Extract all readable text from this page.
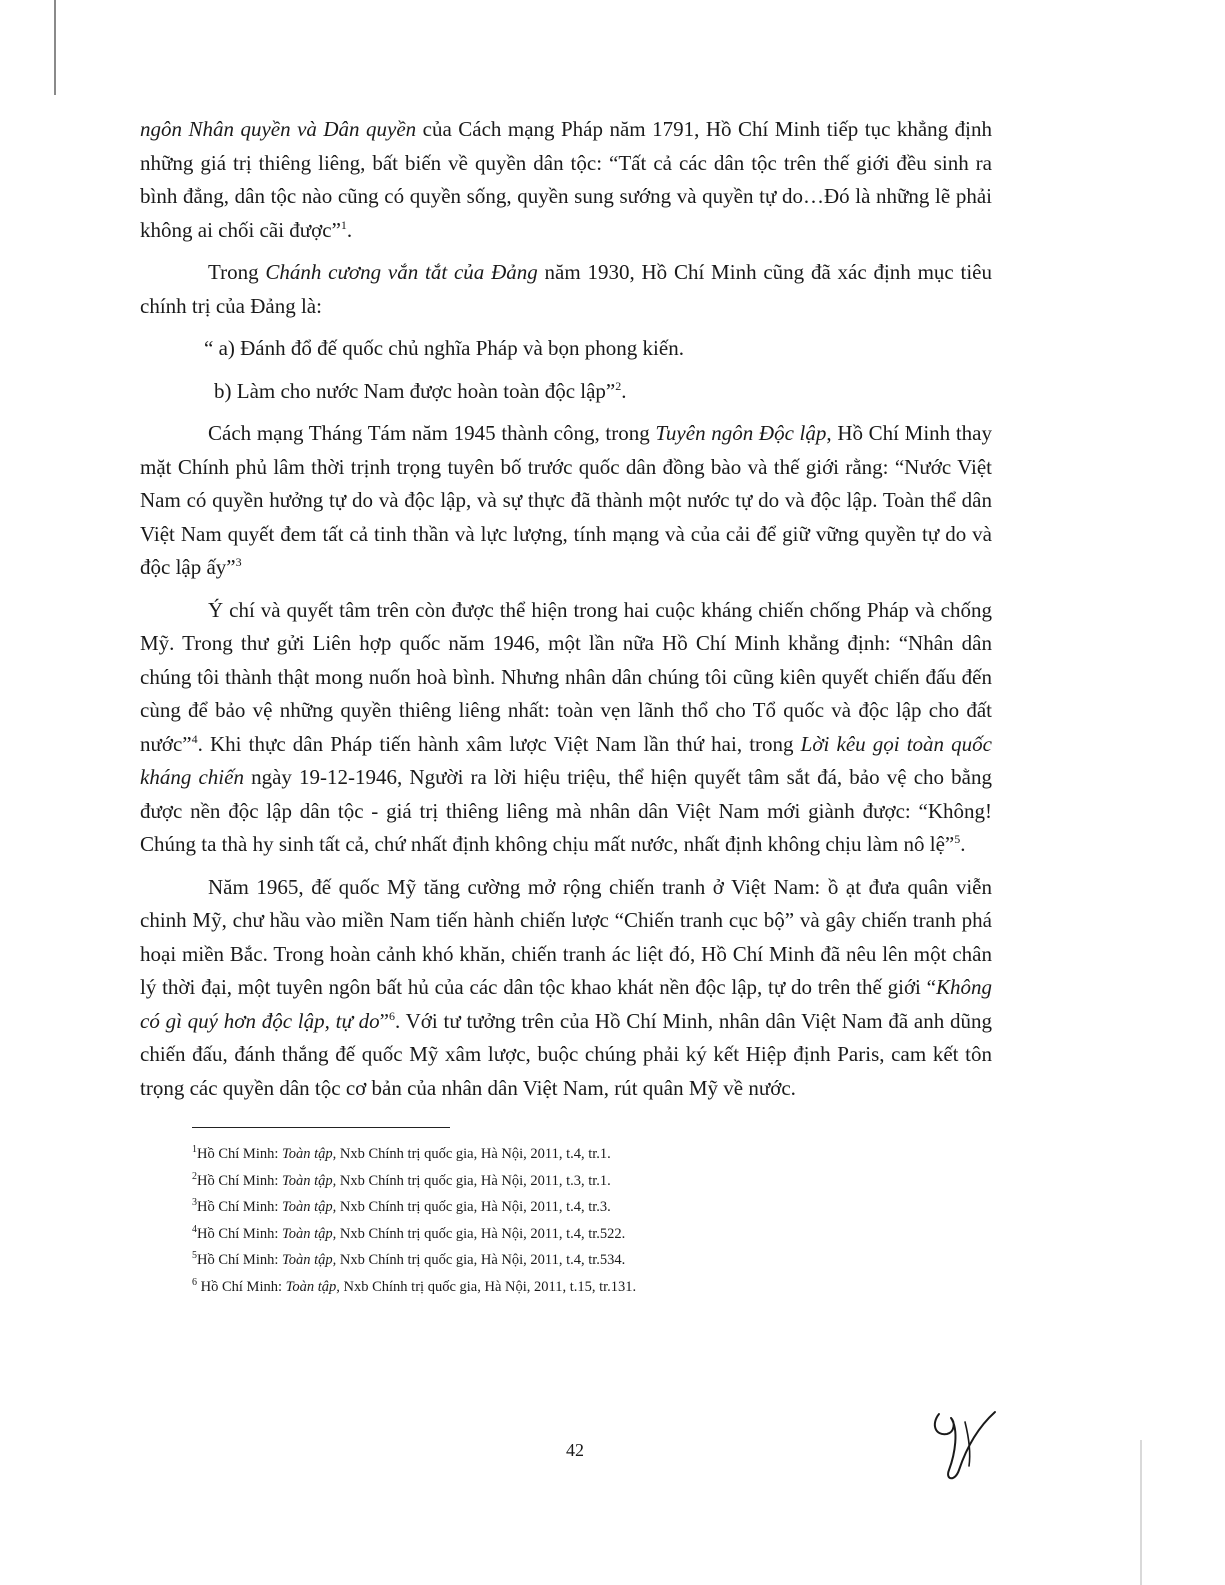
ngôn Nhân quyền và Dân quyền của Cách mạng Pháp năm 1791, Hồ Chí Minh tiếp tục khẳng định những giá trị thiêng liêng, bất biến về quyền dân tộc: “Tất cả các dân tộc trên thế giới đều sinh ra bình đẳng, dân tộc nào cũng có quyền sống, quyền sung sướng và quyền tự do…Đó là những lẽ phải không ai chối cãi được”$^1$.

Trong Chánh cương vắn tắt của Đảng năm 1930, Hồ Chí Minh cũng đã xác định mục tiêu chính trị của Đảng là:

“ a) Đánh đổ đế quốc chủ nghĩa Pháp và bọn phong kiến.

b) Làm cho nước Nam được hoàn toàn độc lập”$^2$.

Cách mạng Tháng Tám năm 1945 thành công, trong Tuyên ngôn Độc lập, Hồ Chí Minh thay mặt Chính phủ lâm thời trịnh trọng tuyên bố trước quốc dân đồng bào và thế giới rằng: “Nước Việt Nam có quyền hưởng tự do và độc lập, và sự thực đã thành một nước tự do và độc lập. Toàn thể dân Việt Nam quyết đem tất cả tinh thần và lực lượng, tính mạng và của cải để giữ vững quyền tự do và độc lập ấy”$^3$

Ý chí và quyết tâm trên còn được thể hiện trong hai cuộc kháng chiến chống Pháp và chống Mỹ. Trong thư gửi Liên hợp quốc năm 1946, một lần nữa Hồ Chí Minh khẳng định: “Nhân dân chúng tôi thành thật mong nuốn hoà bình. Nhưng nhân dân chúng tôi cũng kiên quyết chiến đấu đến cùng để bảo vệ những quyền thiêng liêng nhất: toàn vẹn lãnh thổ cho Tổ quốc và độc lập cho đất nước”$^4$. Khi thực dân Pháp tiến hành xâm lược Việt Nam lần thứ hai, trong Lời kêu gọi toàn quốc kháng chiến ngày 19-12-1946, Người ra lời hiệu triệu, thể hiện quyết tâm sắt đá, bảo vệ cho bằng được nền độc lập dân tộc - giá trị thiêng liêng mà nhân dân Việt Nam mới giành được: “Không! Chúng ta thà hy sinh tất cả, chứ nhất định không chịu mất nước, nhất định không chịu làm nô lệ”$^5$.

Năm 1965, đế quốc Mỹ tăng cường mở rộng chiến tranh ở Việt Nam: ồ ạt đưa quân viễn chinh Mỹ, chư hầu vào miền Nam tiến hành chiến lược “Chiến tranh cục bộ” và gây chiến tranh phá hoại miền Bắc. Trong hoàn cảnh khó khăn, chiến tranh ác liệt đó, Hồ Chí Minh đã nêu lên một chân lý thời đại, một tuyên ngôn bất hủ của các dân tộc khao khát nền độc lập, tự do trên thế giới “Không có gì quý hơn độc lập, tự do”$^6$. Với tư tưởng trên của Hồ Chí Minh, nhân dân Việt Nam đã anh dũng chiến đấu, đánh thắng đế quốc Mỹ xâm lược, buộc chúng phải ký kết Hiệp định Paris, cam kết tôn trọng các quyền dân tộc cơ bản của nhân dân Việt Nam, rút quân Mỹ về nước.

$^1$Hồ Chí Minh: Toàn tập, Nxb Chính trị quốc gia, Hà Nội, 2011, t.4, tr.1.
$^2$Hồ Chí Minh: Toàn tập, Nxb Chính trị quốc gia, Hà Nội, 2011, t.3, tr.1.
$^3$Hồ Chí Minh: Toàn tập, Nxb Chính trị quốc gia, Hà Nội, 2011, t.4, tr.3.
$^4$Hồ Chí Minh: Toàn tập, Nxb Chính trị quốc gia, Hà Nội, 2011, t.4, tr.522.
$^5$Hồ Chí Minh: Toàn tập, Nxb Chính trị quốc gia, Hà Nội, 2011, t.4, tr.534.
$^6$ Hồ Chí Minh: Toàn tập, Nxb Chính trị quốc gia, Hà Nội, 2011, t.15, tr.131.
42
